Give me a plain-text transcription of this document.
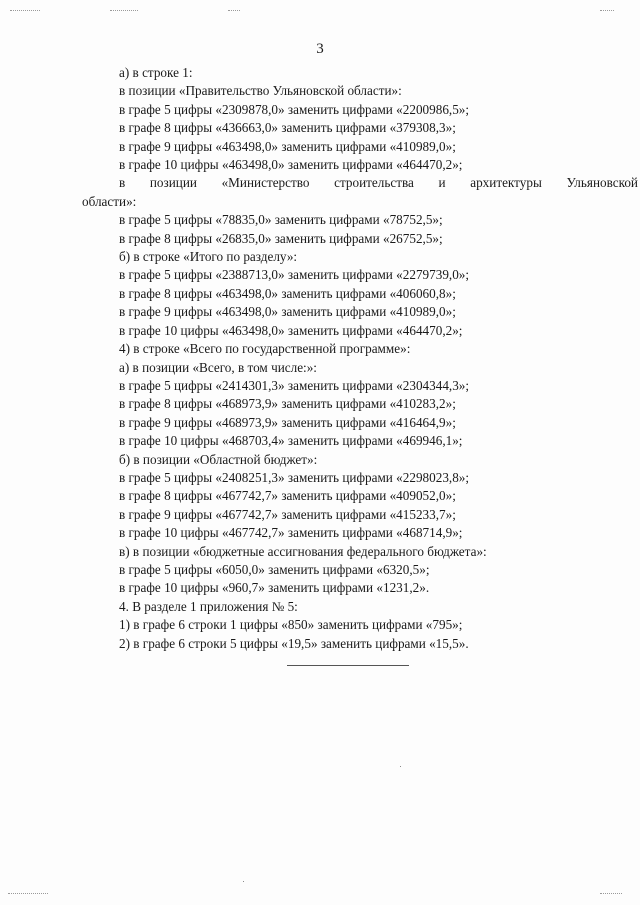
3
а) в строке 1:
в позиции «Правительство Ульяновской области»:
в графе 5 цифры «2309878,0» заменить цифрами «2200986,5»;
в графе 8 цифры «436663,0» заменить цифрами «379308,3»;
в графе 9 цифры «463498,0» заменить цифрами «410989,0»;
в графе 10 цифры «463498,0» заменить цифрами «464470,2»;
в позиции «Министерство строительства и архитектуры Ульяновской
области»:
в графе 5 цифры «78835,0» заменить цифрами «78752,5»;
в графе 8 цифры «26835,0» заменить цифрами «26752,5»;
б) в строке «Итого по разделу»:
в графе 5 цифры «2388713,0» заменить цифрами «2279739,0»;
в графе 8 цифры «463498,0» заменить цифрами «406060,8»;
в графе 9 цифры «463498,0» заменить цифрами «410989,0»;
в графе 10 цифры «463498,0» заменить цифрами «464470,2»;
4) в строке «Всего по государственной программе»:
а) в позиции «Всего, в том числе:»:
в графе 5 цифры «2414301,3» заменить цифрами «2304344,3»;
в графе 8 цифры «468973,9» заменить цифрами «410283,2»;
в графе 9 цифры «468973,9» заменить цифрами «416464,9»;
в графе 10 цифры «468703,4» заменить цифрами «469946,1»;
б) в позиции «Областной бюджет»:
в графе 5 цифры «2408251,3» заменить цифрами «2298023,8»;
в графе 8 цифры «467742,7» заменить цифрами «409052,0»;
в графе 9 цифры «467742,7» заменить цифрами «415233,7»;
в графе 10 цифры «467742,7» заменить цифрами «468714,9»;
в) в позиции «бюджетные ассигнования федерального бюджета»:
в графе 5 цифры «6050,0» заменить цифрами «6320,5»;
в графе 10 цифры «960,7» заменить цифрами «1231,2».
4. В разделе 1 приложения № 5:
1) в графе 6 строки 1 цифры «850» заменить цифрами «795»;
2) в графе 6 строки 5 цифры «19,5» заменить цифрами «15,5».
